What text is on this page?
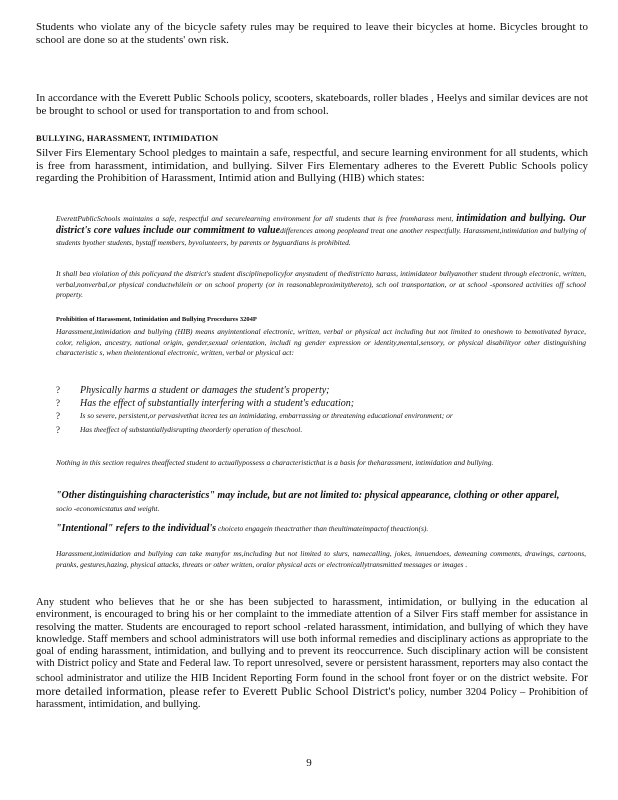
Students who violate any of the bicycle safety rules may be required to leave their bicycles at home. Bicycles brought to school are done so at the students' own risk.

In accordance with the Everett Public Schools policy, scooters, skateboards, roller blades , Heelys and similar devices are not be brought to school or used for transportation to and from school.

BULLYING, HARASSMENT, INTIMIDATION

Silver Firs Elementary School pledges to maintain a safe, respectful, and secure learning environment for all students, which is free from harassment, intimidation, and bullying. Silver Firs Elementary adheres to the Everett Public Schools policy regarding the Prohibition of Harassment, Intimid ation and Bullying (HIB) which states:

EverettPublicSchools maintains a safe, respectful and securelearning environment for all students that is free fromharass ment, intimidation and bullying. Our district's core values include our commitment to valuedifferences among peopleand treat one another respectfully. Harassment,intimidation and bullying of students byother students, bystaff members, byvolunteers, by parents or byguardians is prohibited.

It shall bea violation of this policyand the district's student disciplinepolicyfor anystudent of thedistrictto harass, intimidateor bullyanother student through electronic, written, verbal,nonverbal,or physical conductwhilein or on school property (or in reasonableproximitythereto), sch ool transportation, or at school -sponsored activities off school property.

Prohibition of Harassment, Intimidation and Bullying Procedures 3204P

Harassment,intimidation and bullying (HIB) means anyintentional electronic, written, verbal or physical act including but not limited to oneshown to bemotivated byrace, color, religion, ancestry, national origin, gender,sexual orientation, includi ng gender expression or identity,mental,sensory, or physical disabilityor other distinguishing characteristic s, when theintentional electronic, written, verbal or physical act:

? Physically harms a student or damages the student's property;
? Has the effect of substantially interfering with a student's education;
?	Is so severe, persistent,or pervasivethat itcrea tes an intimidating, embarrassing or threatening educational environment; or
?	Has theeffect of substantiallydisrupting theorderly operation of theschool.

Nothing in this section requires theaffected student to actuallypossess a characteristicthat is a basis for theharassment, intimidation and bullying.

"Other distinguishing characteristics" may include, but are not limited to: physical appearance, clothing or other apparel,
socio -economicstatus and weight.

"Intentional" refers to the individual's choiceto engagein theactrather than theultimateimpactof theaction(s).

Harassment,intimidation and bullying can take manyfor ms,including but not limited to slurs, namecalling, jokes, innuendoes, demeaning comments, drawings, cartoons, pranks, gestures,hazing, physical attacks, threats or other written, oralor physical acts or electronicallytransmitted messages or images .

Any student who believes that he or she has been subjected to harassment, intimidation, or bullying in the education al environment, is encouraged to bring his or her complaint to the immediate attention of a Silver Firs staff member for assistance in resolving the matter. Students are encouraged to report school -related harassment, intimidation, and bullying of which they have knowledge. Staff members and school administrators will use both informal remedies and disciplinary actions as appropriate to the goal of ending harassment, intimidation, and bullying and to prevent its reoccurrence. Such disciplinary action will be consistent with District policy and State and Federal law. To report unresolved, severe or persistent harassment, reporters may also contact the school administrator and utilize the HIB Incident Reporting Form found in the school front foyer or on the district website. For more detailed information, please refer to Everett Public School District's policy, number 3204 Policy – Prohibition of harassment, intimidation, and bullying.

9
